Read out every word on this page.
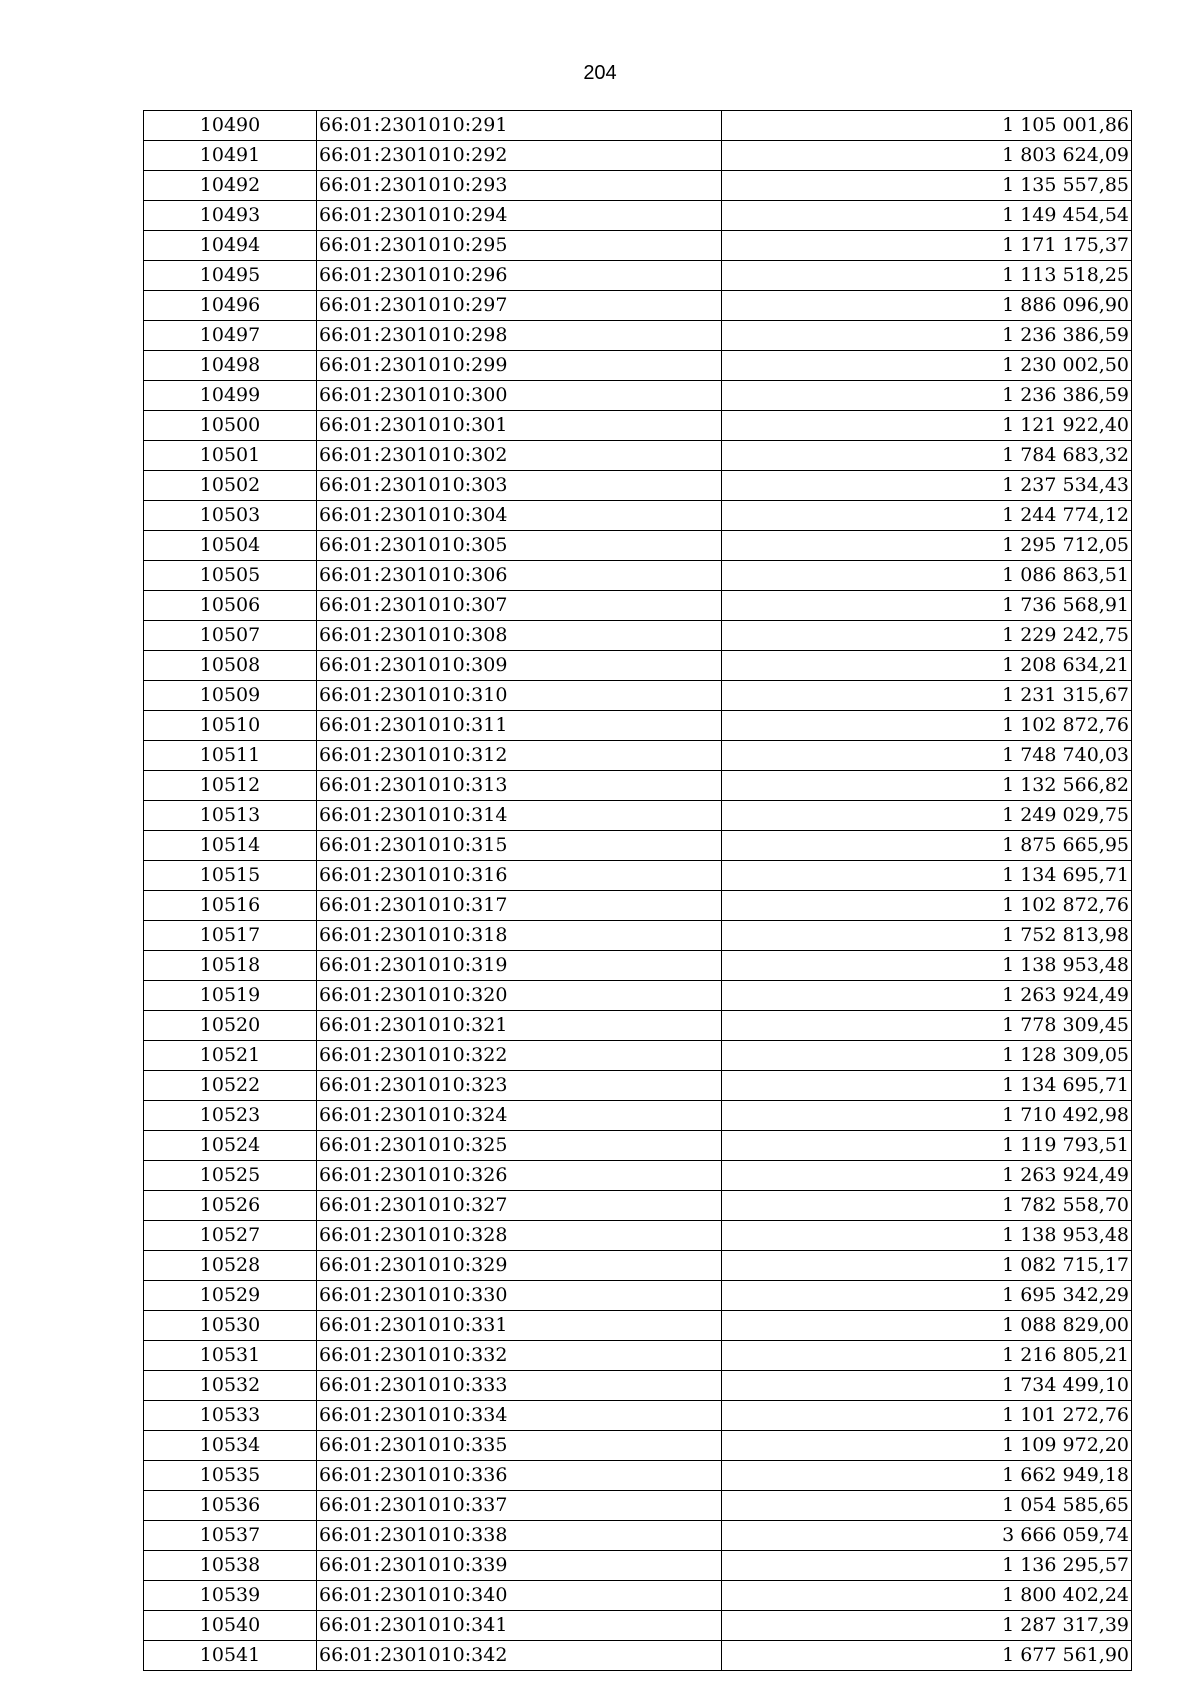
204
10490	66:01:2301010:291	1 105 001,86
10491	66:01:2301010:292	1 803 624,09
10492	66:01:2301010:293	1 135 557,85
10493	66:01:2301010:294	1 149 454,54
10494	66:01:2301010:295	1 171 175,37
10495	66:01:2301010:296	1 113 518,25
10496	66:01:2301010:297	1 886 096,90
10497	66:01:2301010:298	1 236 386,59
10498	66:01:2301010:299	1 230 002,50
10499	66:01:2301010:300	1 236 386,59
10500	66:01:2301010:301	1 121 922,40
10501	66:01:2301010:302	1 784 683,32
10502	66:01:2301010:303	1 237 534,43
10503	66:01:2301010:304	1 244 774,12
10504	66:01:2301010:305	1 295 712,05
10505	66:01:2301010:306	1 086 863,51
10506	66:01:2301010:307	1 736 568,91
10507	66:01:2301010:308	1 229 242,75
10508	66:01:2301010:309	1 208 634,21
10509	66:01:2301010:310	1 231 315,67
10510	66:01:2301010:311	1 102 872,76
10511	66:01:2301010:312	1 748 740,03
10512	66:01:2301010:313	1 132 566,82
10513	66:01:2301010:314	1 249 029,75
10514	66:01:2301010:315	1 875 665,95
10515	66:01:2301010:316	1 134 695,71
10516	66:01:2301010:317	1 102 872,76
10517	66:01:2301010:318	1 752 813,98
10518	66:01:2301010:319	1 138 953,48
10519	66:01:2301010:320	1 263 924,49
10520	66:01:2301010:321	1 778 309,45
10521	66:01:2301010:322	1 128 309,05
10522	66:01:2301010:323	1 134 695,71
10523	66:01:2301010:324	1 710 492,98
10524	66:01:2301010:325	1 119 793,51
10525	66:01:2301010:326	1 263 924,49
10526	66:01:2301010:327	1 782 558,70
10527	66:01:2301010:328	1 138 953,48
10528	66:01:2301010:329	1 082 715,17
10529	66:01:2301010:330	1 695 342,29
10530	66:01:2301010:331	1 088 829,00
10531	66:01:2301010:332	1 216 805,21
10532	66:01:2301010:333	1 734 499,10
10533	66:01:2301010:334	1 101 272,76
10534	66:01:2301010:335	1 109 972,20
10535	66:01:2301010:336	1 662 949,18
10536	66:01:2301010:337	1 054 585,65
10537	66:01:2301010:338	3 666 059,74
10538	66:01:2301010:339	1 136 295,57
10539	66:01:2301010:340	1 800 402,24
10540	66:01:2301010:341	1 287 317,39
10541	66:01:2301010:342	1 677 561,90
